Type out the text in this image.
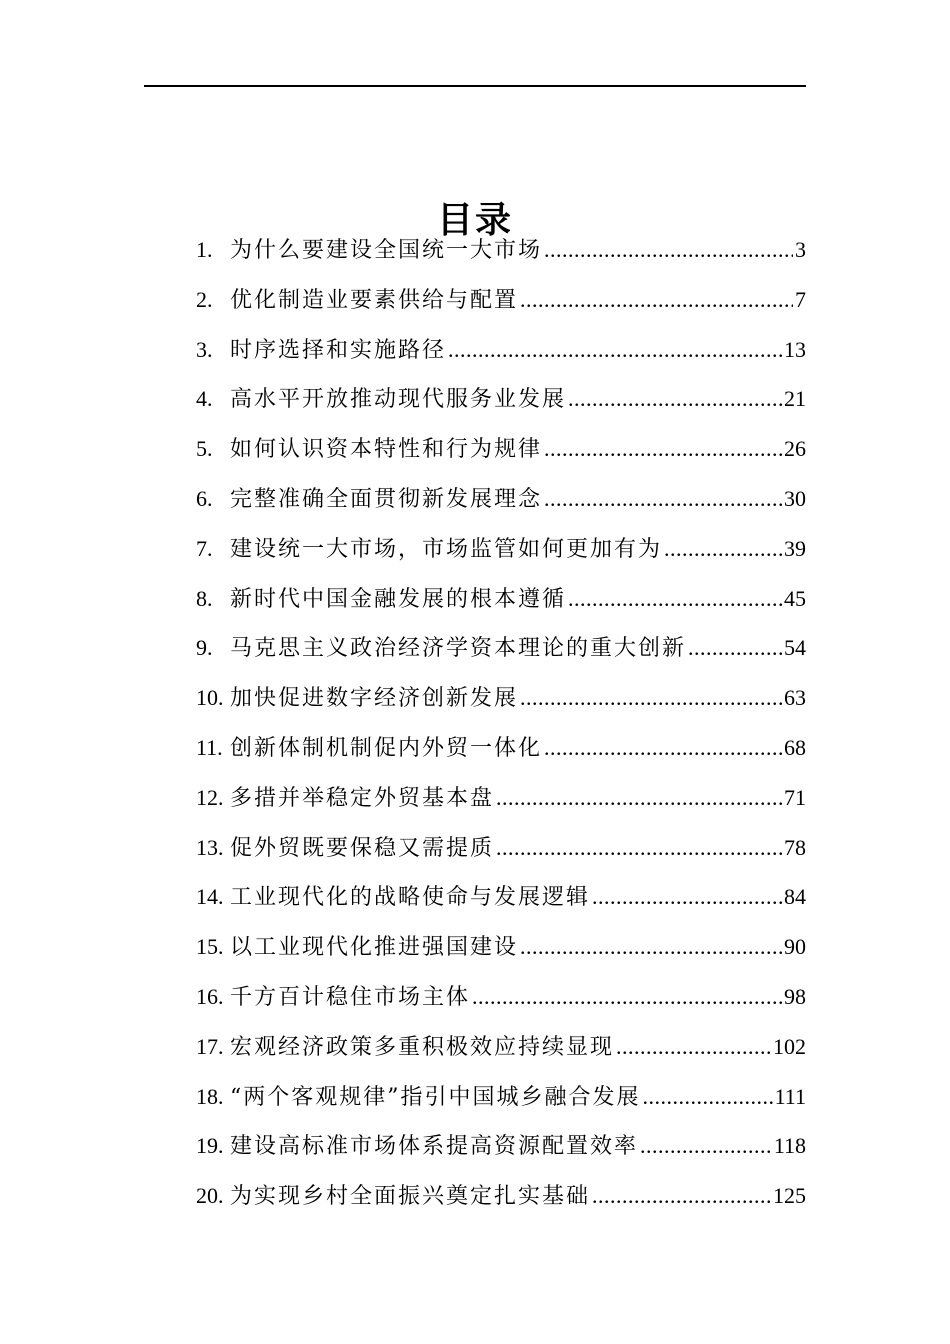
目录
1. 为什么要建设全国统一大市场 .....	3
2. 优化制造业要素供给与配置 .....	7
3. 时序选择和实施路径 .....	13
4. 高水平开放推动现代服务业发展 .....	21
5. 如何认识资本特性和行为规律 .....	26
6. 完整准确全面贯彻新发展理念 .....	30
7. 建设统一大市场，市场监管如何更加有为 .....	39
8. 新时代中国金融发展的根本遵循 .....	45
9. 马克思主义政治经济学资本理论的重大创新 .....	54
10. 加快促进数字经济创新发展 .....	63
11. 创新体制机制促内外贸一体化 .....	68
12. 多措并举稳定外贸基本盘 .....	71
13. 促外贸既要保稳又需提质 .....	78
14. 工业现代化的战略使命与发展逻辑 .....	84
15. 以工业现代化推进强国建设 .....	90
16. 千方百计稳住市场主体 .....	98
17. 宏观经济政策多重积极效应持续显现 .....	102
18. “两个客观规律”指引中国城乡融合发展 .....	111
19. 建设高标准市场体系提高资源配置效率 .....	118
20. 为实现乡村全面振兴奠定扎实基础 .....	125
